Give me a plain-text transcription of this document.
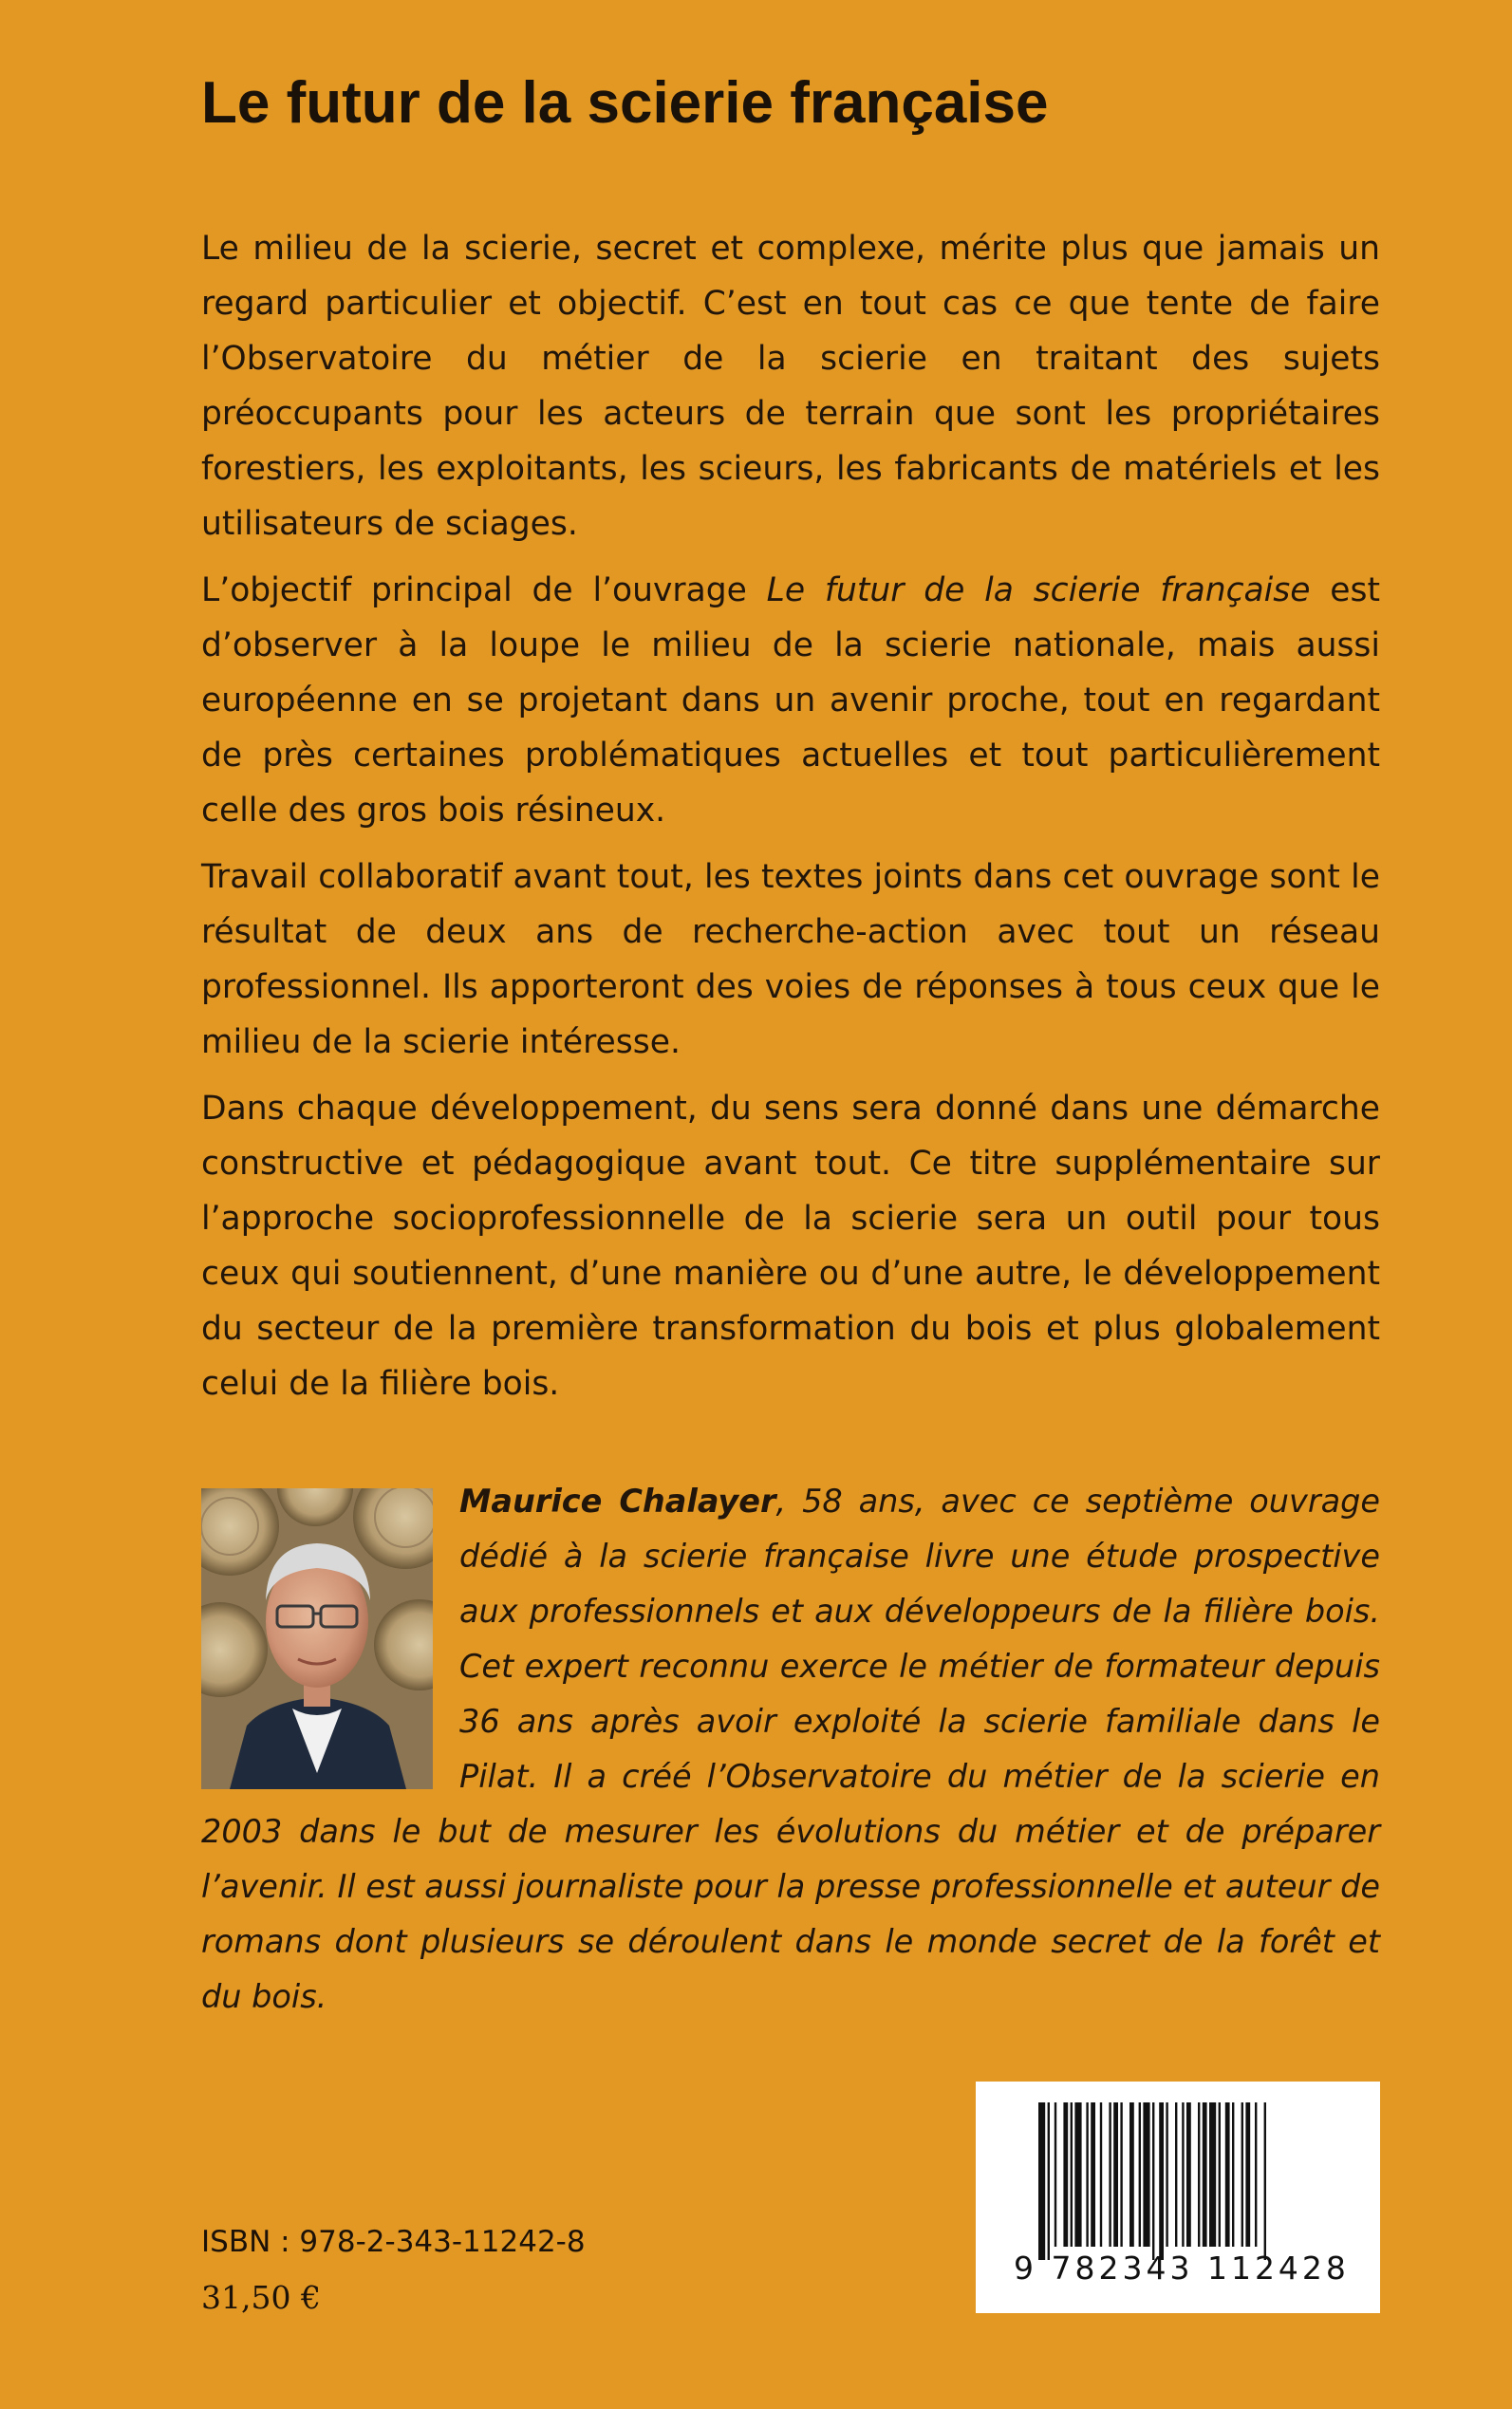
Le futur de la scierie française

Le milieu de la scierie, secret et complexe, mérite plus que jamais un regard particulier et objectif. C’est en tout cas ce que tente de faire l’Observatoire du métier de la scierie en traitant des sujets préoccupants pour les acteurs de terrain que sont les propriétaires forestiers, les exploitants, les scieurs, les fabricants de matériels et les utilisateurs de sciages.

L’objectif principal de l’ouvrage Le futur de la scierie française est d’observer à la loupe le milieu de la scierie nationale, mais aussi européenne en se projetant dans un avenir proche, tout en regardant de près certaines problématiques actuelles et tout particulièrement celle des gros bois résineux.

Travail collaboratif avant tout, les textes joints dans cet ouvrage sont le résultat de deux ans de recherche-action avec tout un réseau professionnel. Ils apporteront des voies de réponses à tous ceux que le milieu de la scierie intéresse.

Dans chaque développement, du sens sera donné dans une démarche constructive et pédagogique avant tout. Ce titre supplémentaire sur l’approche socioprofessionnelle de la scierie sera un outil pour tous ceux qui soutiennent, d’une manière ou d’une autre, le développement du secteur de la première transformation du bois et plus globalement celui de la filière bois.

Maurice Chalayer, 58 ans, avec ce septième ouvrage dédié à la scierie française livre une étude prospective aux professionnels et aux développeurs de la filière bois. Cet expert reconnu exerce le métier de formateur depuis 36 ans après avoir exploité la scierie familiale dans le Pilat. Il a créé l’Observatoire du métier de la scierie en 2003 dans le but de mesurer les évolutions du métier et de préparer l’avenir. Il est aussi journaliste pour la presse professionnelle et auteur de romans dont plusieurs se déroulent dans le monde secret de la forêt et du bois.

ISBN : 978-2-343-11242-8
31,50 €
9 782343 112428
